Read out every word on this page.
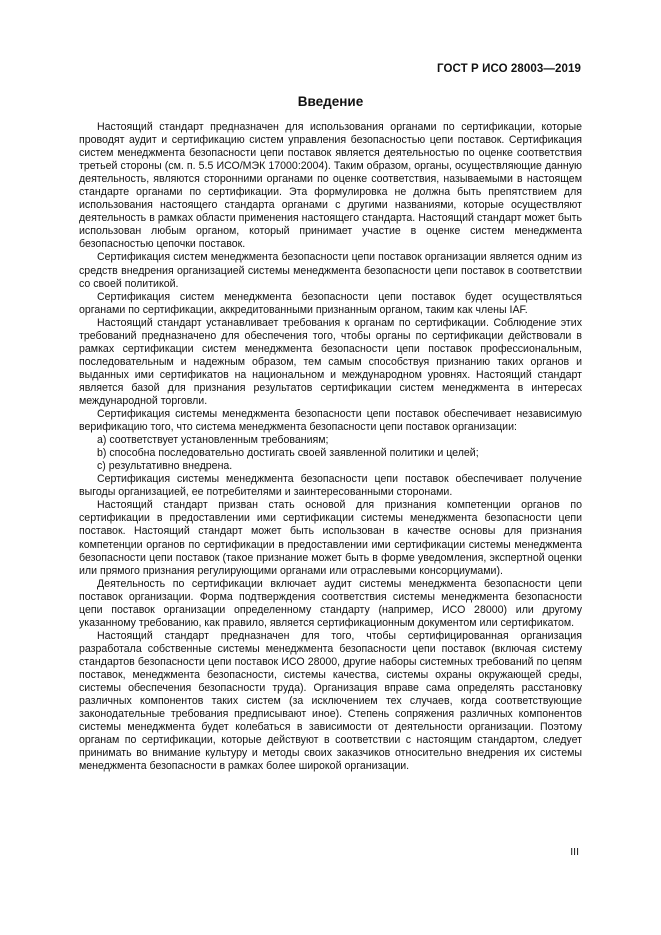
ГОСТ Р ИСО 28003—2019
Введение

Настоящий стандарт предназначен для использования органами по сертификации, которые проводят аудит и сертификацию систем управления безопасностью цепи поставок. Сертификация систем менеджмента безопасности цепи поставок является деятельностью по оценке соответствия третьей стороны (см. п. 5.5 ИСО/МЭК 17000:2004). Таким образом, органы, осуществляющие данную деятельность, являются сторонними органами по оценке соответствия, называемыми в настоящем стандарте органами по сертификации. Эта формулировка не должна быть препятствием для использования настоящего стандарта органами с другими названиями, которые осуществляют деятельность в рамках области применения настоящего стандарта. Настоящий стандарт может быть использован любым органом, который принимает участие в оценке систем менеджмента безопасностью цепочки поставок.

Сертификация систем менеджмента безопасности цепи поставок организации является одним из средств внедрения организацией системы менеджмента безопасности цепи поставок в соответствии со своей политикой.

Сертификация систем менеджмента безопасности цепи поставок будет осуществляться органами по сертификации, аккредитованными признанным органом, таким как члены IAF.

Настоящий стандарт устанавливает требования к органам по сертификации. Соблюдение этих требований предназначено для обеспечения того, чтобы органы по сертификации действовали в рамках сертификации систем менеджмента безопасности цепи поставок профессиональным, последовательным и надежным образом, тем самым способствуя признанию таких органов и выданных ими сертификатов на национальном и международном уровнях. Настоящий стандарт является базой для признания результатов сертификации систем менеджмента в интересах международной торговли.

Сертификация системы менеджмента безопасности цепи поставок обеспечивает независимую верификацию того, что система менеджмента безопасности цепи поставок организации:

a) соответствует установленным требованиям;

b) способна последовательно достигать своей заявленной политики и целей;

c) результативно внедрена.

Сертификация системы менеджмента безопасности цепи поставок обеспечивает получение выгоды организацией, ее потребителями и заинтересованными сторонами.

Настоящий стандарт призван стать основой для признания компетенции органов по сертификации в предоставлении ими сертификации системы менеджмента безопасности цепи поставок. Настоящий стандарт может быть использован в качестве основы для признания компетенции органов по сертификации в предоставлении ими сертификации системы менеджмента безопасности цепи поставок (такое признание может быть в форме уведомления, экспертной оценки или прямого признания регулирующими органами или отраслевыми консорциумами).

Деятельность по сертификации включает аудит системы менеджмента безопасности цепи поставок организации. Форма подтверждения соответствия системы менеджмента безопасности цепи поставок организации определенному стандарту (например, ИСО 28000) или другому указанному требованию, как правило, является сертификационным документом или сертификатом.

Настоящий стандарт предназначен для того, чтобы сертифицированная организация разработала собственные системы менеджмента безопасности цепи поставок (включая систему стандартов безопасности цепи поставок ИСО 28000, другие наборы системных требований по цепям поставок, менеджмента безопасности, системы качества, системы охраны окружающей среды, системы обеспечения безопасности труда). Организация вправе сама определять расстановку различных компонентов таких систем (за исключением тех случаев, когда соответствующие законодательные требования предписывают иное). Степень сопряжения различных компонентов системы менеджмента будет колебаться в зависимости от деятельности организации. Поэтому органам по сертификации, которые действуют в соответствии с настоящим стандартом, следует принимать во внимание культуру и методы своих заказчиков относительно внедрения их системы менеджмента безопасности в рамках более широкой организации.

III
